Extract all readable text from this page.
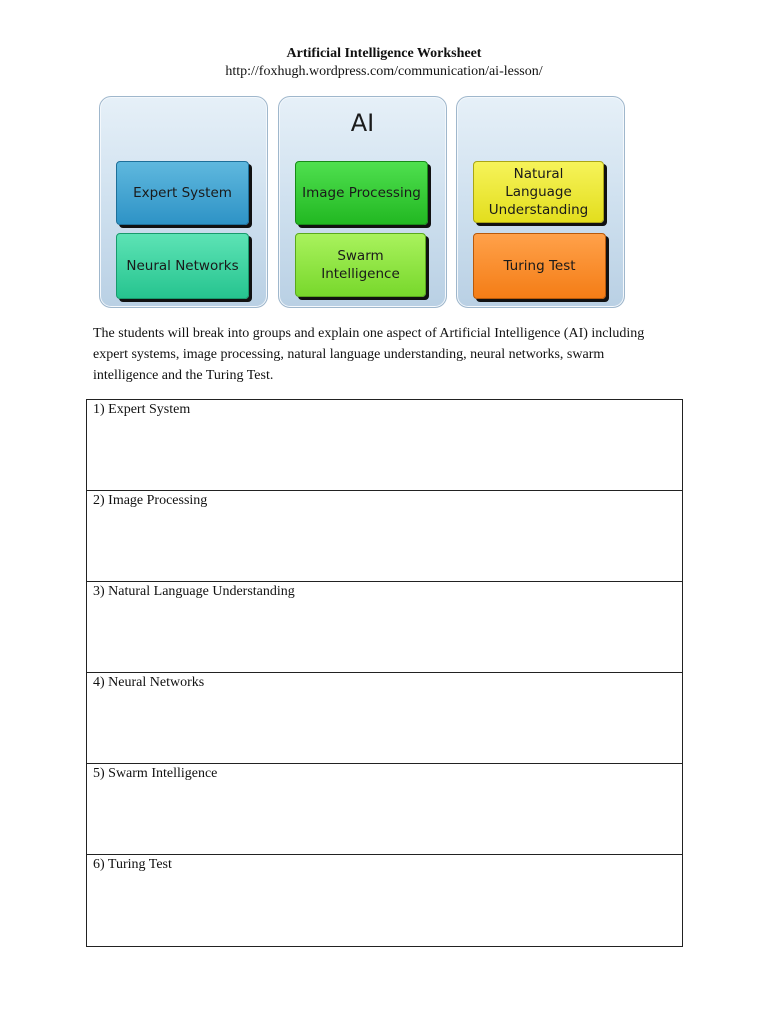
Artificial Intelligence Worksheet
http://foxhugh.wordpress.com/communication/ai-lesson/
Expert System
Neural Networks
AI
Image Processing
Swarm Intelligence
Natural Language Understanding
Turing Test
The students will break into groups and explain one aspect of Artificial Intelligence (AI) including expert systems, image processing, natural language understanding, neural networks, swarm intelligence and the Turing Test.
1) Expert System
2) Image Processing
3) Natural Language Understanding
4) Neural Networks
5) Swarm Intelligence
6) Turing Test
